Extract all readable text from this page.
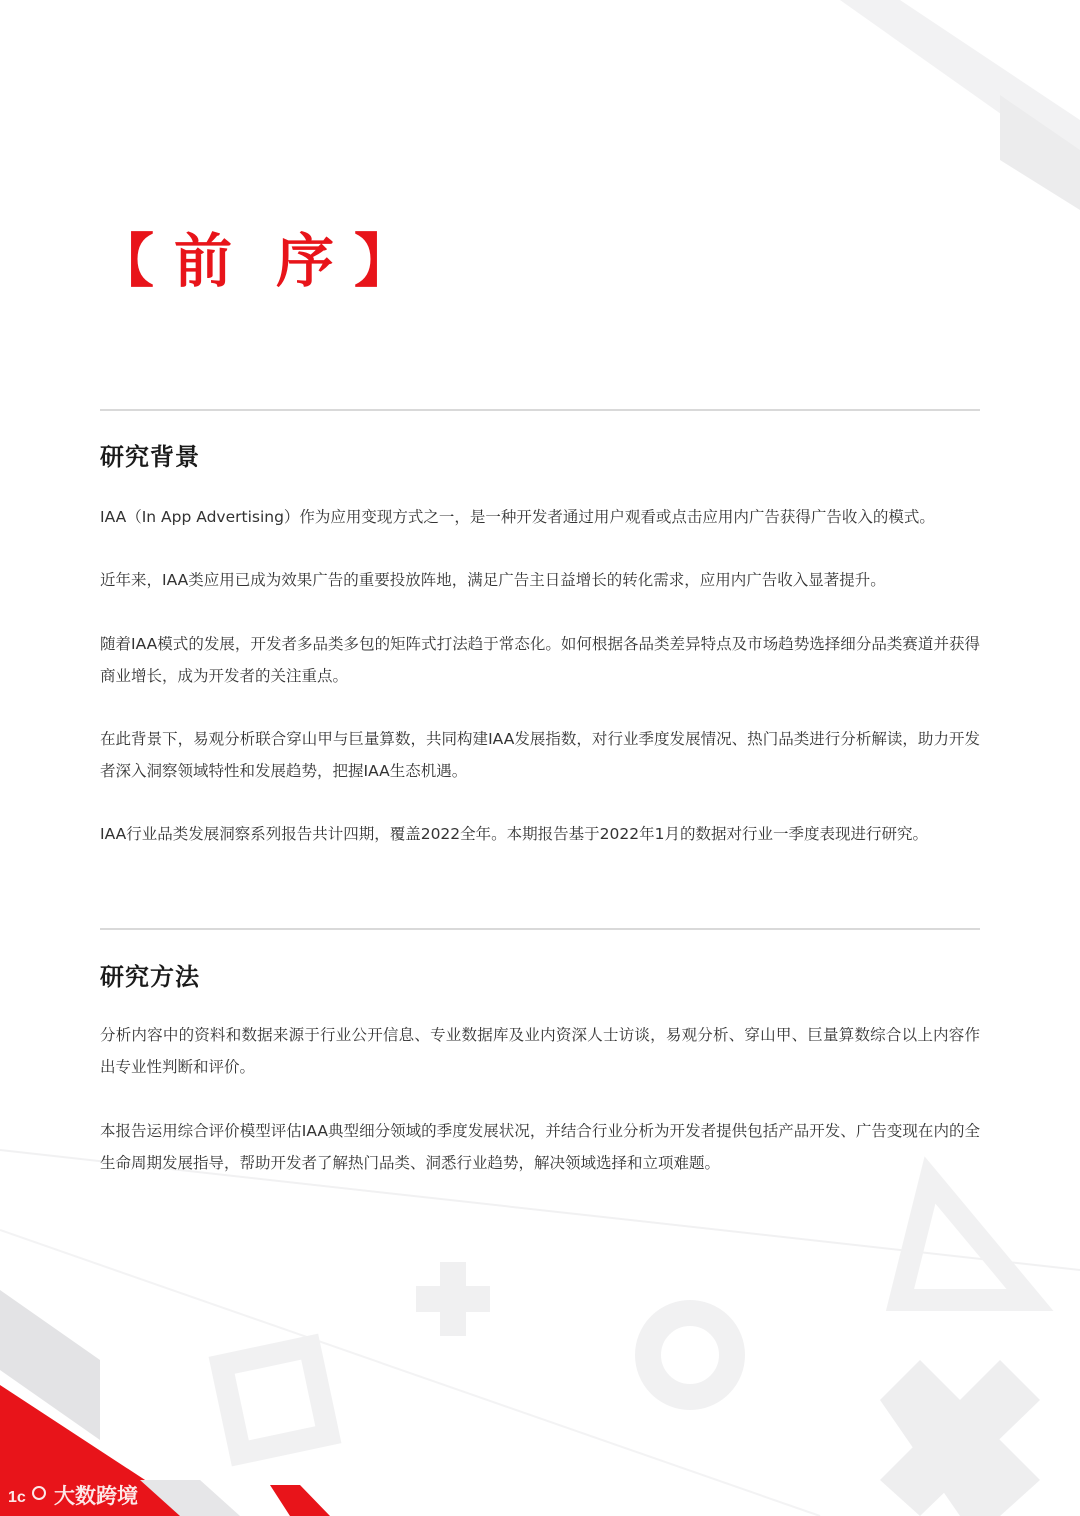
【 前 序 】
研究背景

IAA（In App Advertising）作为应用变现方式之一，是一种开发者通过用户观看或点击应用内广告获得广告收入的模式。

近年来，IAA类应用已成为效果广告的重要投放阵地，满足广告主日益增长的转化需求，应用内广告收入显著提升。

随着IAA模式的发展，开发者多品类多包的矩阵式打法趋于常态化。如何根据各品类差异特点及市场趋势选择细分品类赛道并获得商业增长，成为开发者的关注重点。

在此背景下，易观分析联合穿山甲与巨量算数，共同构建IAA发展指数，对行业季度发展情况、热门品类进行分析解读，助力开发者深入洞察领域特性和发展趋势，把握IAA生态机遇。

IAA行业品类发展洞察系列报告共计四期，覆盖2022全年。本期报告基于2022年1月的数据对行业一季度表现进行研究。

研究方法

分析内容中的资料和数据来源于行业公开信息、专业数据库及业内资深人士访谈，易观分析、穿山甲、巨量算数综合以上内容作出专业性判断和评价。

本报告运用综合评价模型评估IAA典型细分领域的季度发展状况，并结合行业分析为开发者提供包括产品开发、广告变现在内的全生命周期发展指导，帮助开发者了解热门品类、洞悉行业趋势，解决领域选择和立项难题。

1c 大数跨境
